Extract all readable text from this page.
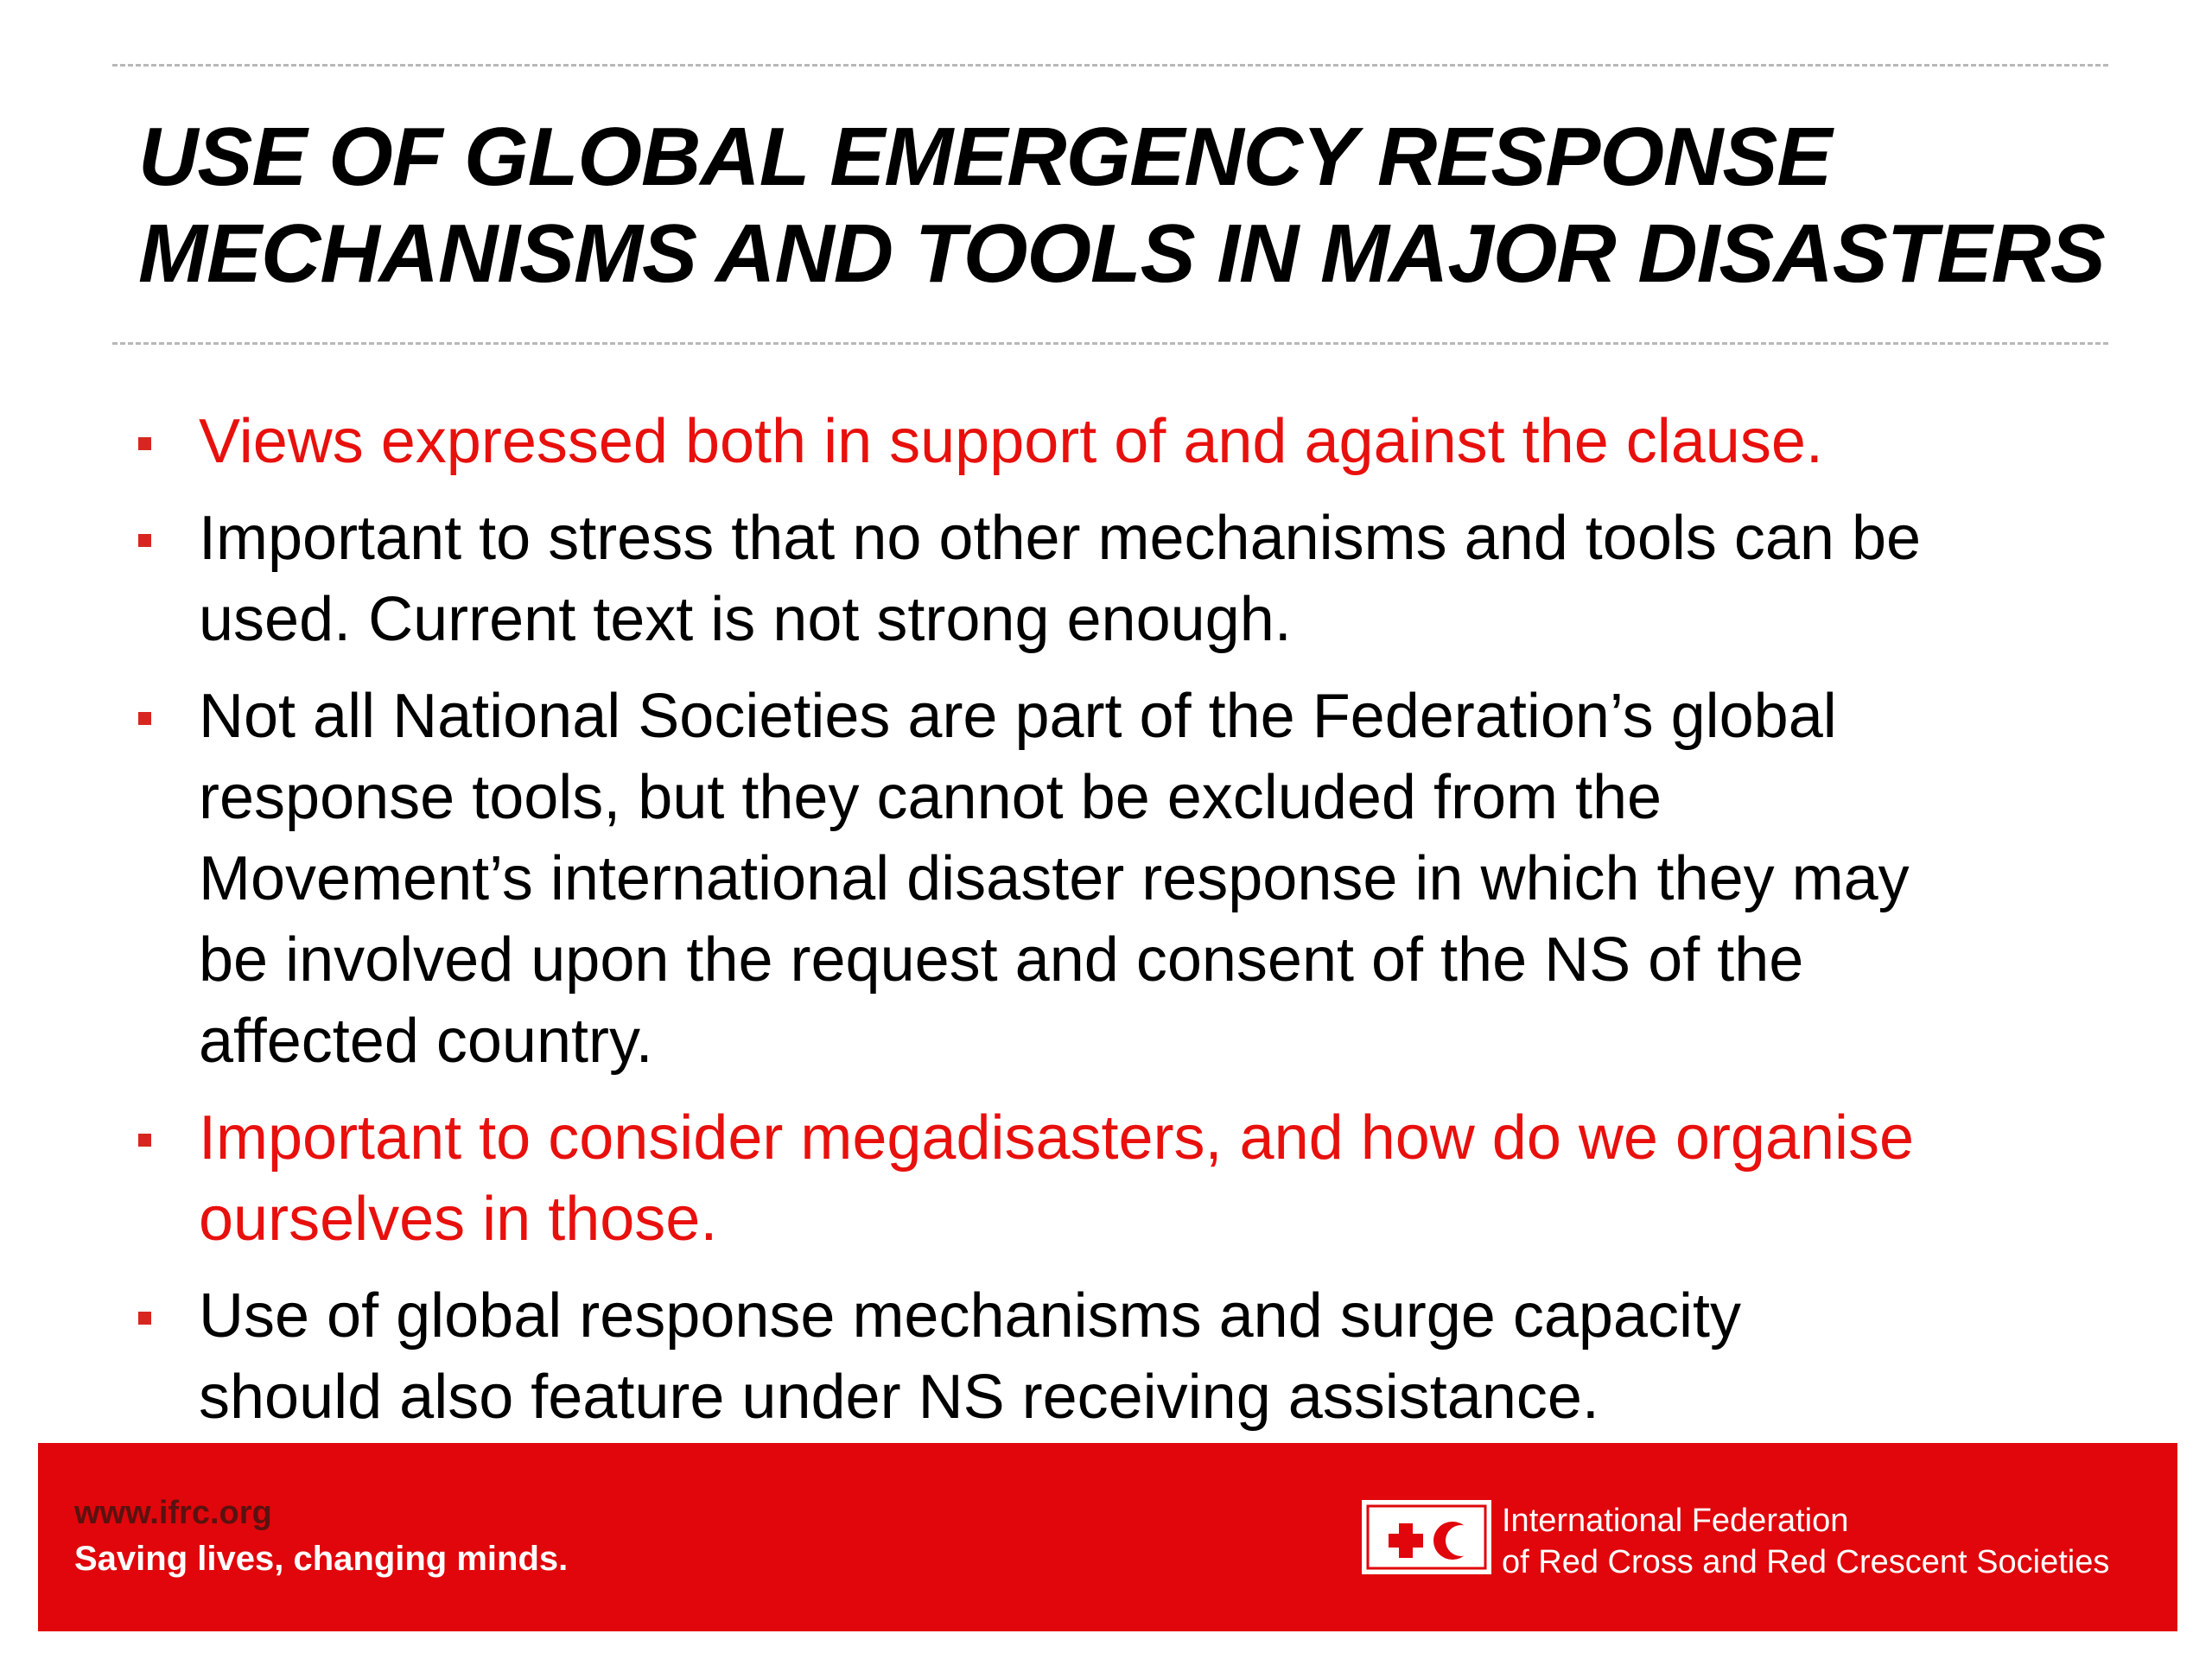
USE OF GLOBAL EMERGENCY RESPONSE
MECHANISMS AND TOOLS IN MAJOR DISASTERS
Views expressed both in support of and against the clause.
Important to stress that no other mechanisms and tools can be
used. Current text is not strong enough.
Not all National Societies are part of the Federation’s global
response tools, but they cannot be excluded from the
Movement’s international disaster response in which they may
be involved upon the request and consent of the NS of the
affected country.
Important to consider megadisasters, and how do we organise
ourselves in those.
Use of global response mechanisms and surge capacity
should also feature under NS receiving assistance.
www.ifrc.org
Saving lives, changing minds.
International Federation
of Red Cross and Red Crescent Societies
